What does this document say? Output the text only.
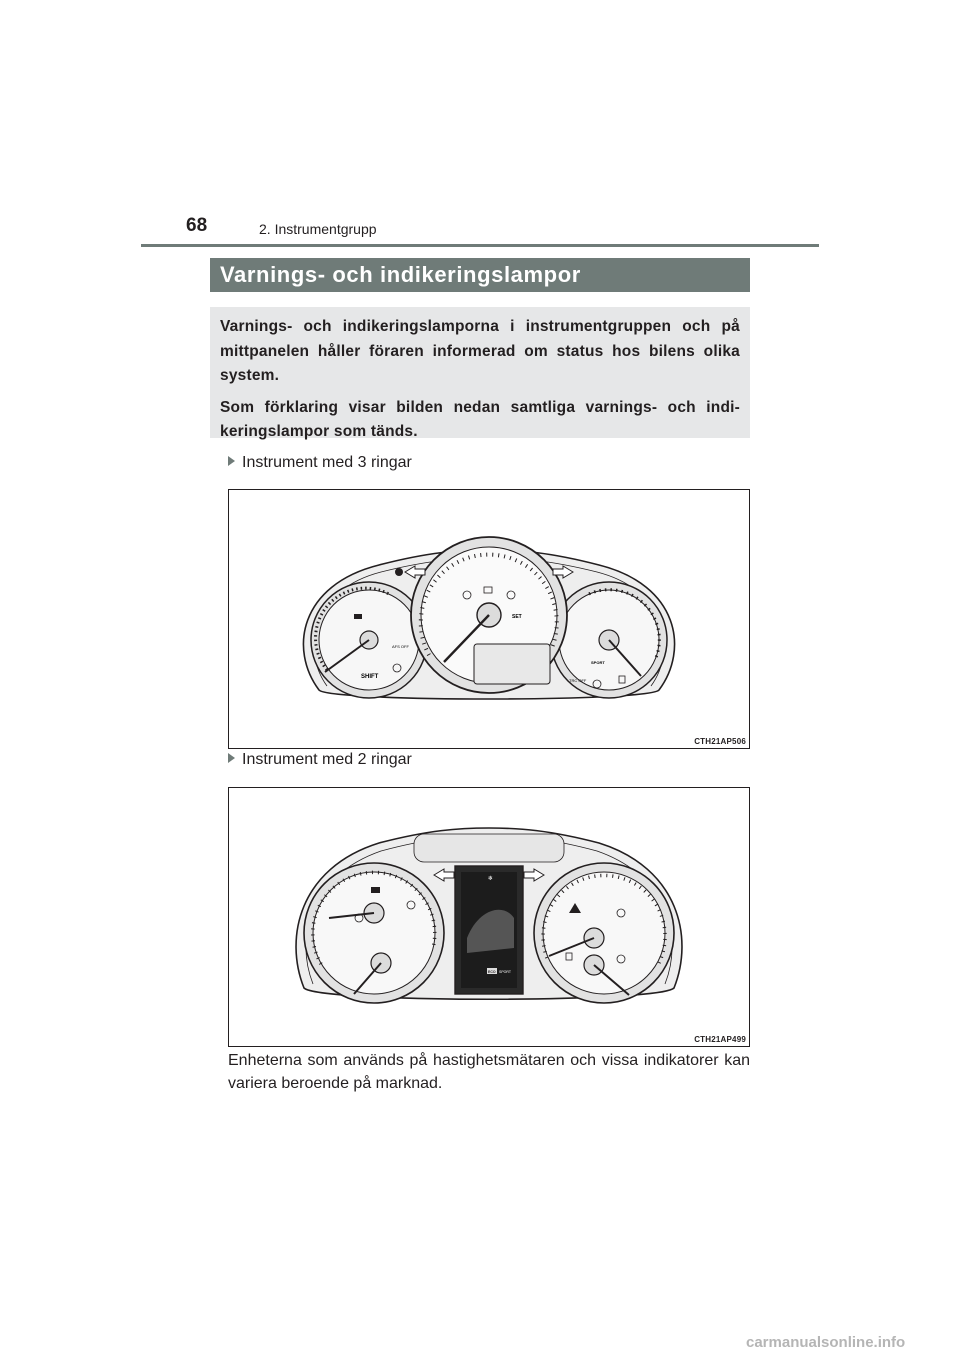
68	2. Instrumentgrupp
Varnings- och indikeringslampor

Varnings- och indikeringslamporna i instrumentgruppen och på mittpanelen håller föraren informerad om status hos bilens olika system.

Som förklaring visar bilden nedan samtliga varnings- och indi-keringslampor som tänds.

Instrument med 3 ringar
SHIFT
AFS OFF
SPORT
TRC OFF
SET
CTH21AP506
Instrument med 2 ringar
❄
ECO SPORT
CTH21AP499
Enheterna som används på hastighetsmätaren och vissa indikatorer kan variera beroende på marknad.
carmanualsonline.info
